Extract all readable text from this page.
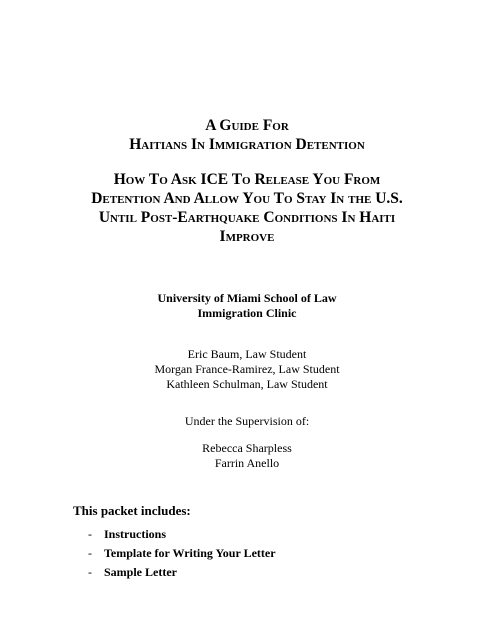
A Guide For
Haitians In Immigration Detention
How To Ask ICE To Release You From
Detention And Allow You To Stay In the U.S.
Until Post-Earthquake Conditions In Haiti
Improve
University of Miami School of Law
Immigration Clinic
Eric Baum, Law Student
Morgan France-Ramirez, Law Student
Kathleen Schulman, Law Student
Under the Supervision of:
Rebecca Sharpless
Farrin Anello
This packet includes:
-	Instructions
-	Template for Writing Your Letter
-	Sample Letter
